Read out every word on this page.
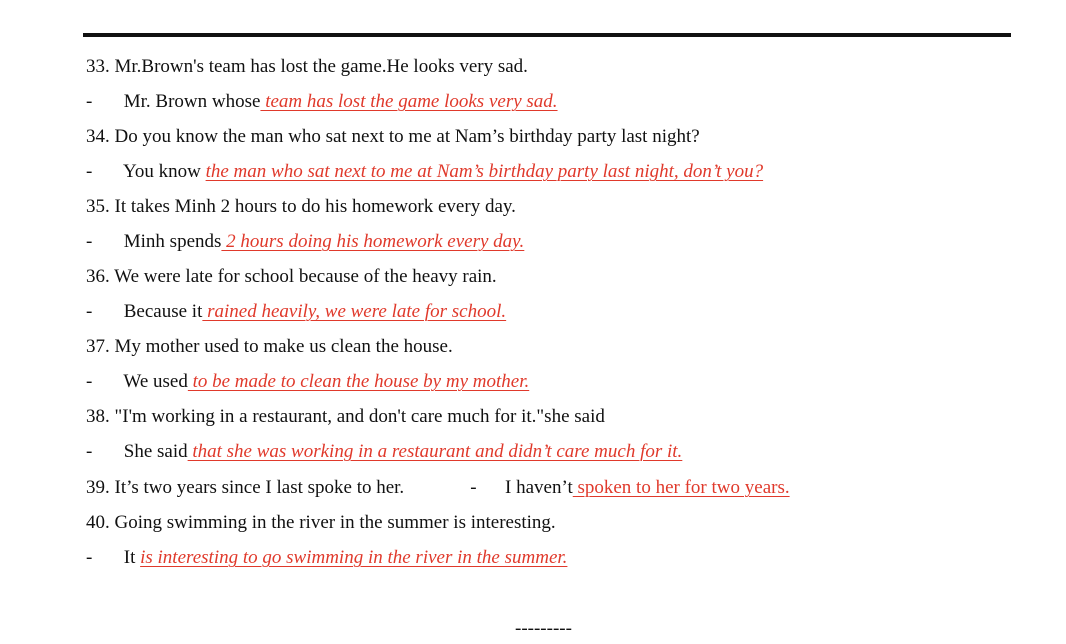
33. Mr.Brown's team has lost the game.He looks very sad.
- Mr. Brown whose team has lost the game looks very sad.
34. Do you know the man who sat next to me at Nam’s birthday party last night?
- You know the man who sat next to me at Nam’s birthday party last night, don’t you?
35. It takes Minh 2 hours to do his homework every day.
- Minh spends 2 hours doing his homework every day.
36. We were late for school because of the heavy rain.
- Because it rained heavily, we were late for school.
37. My mother used to make us clean the house.
- We used to be made to clean the house by my mother.
38. "I'm working in a restaurant, and don't care much for it."she said
- She said that she was working in a restaurant and didn’t care much for it.
39. It’s two years since I last spoke to her.	- I haven’t spoken to her for two years.
40. Going swimming in the river in the summer is interesting.
- It is interesting to go swimming in the river in the summer.
---------
